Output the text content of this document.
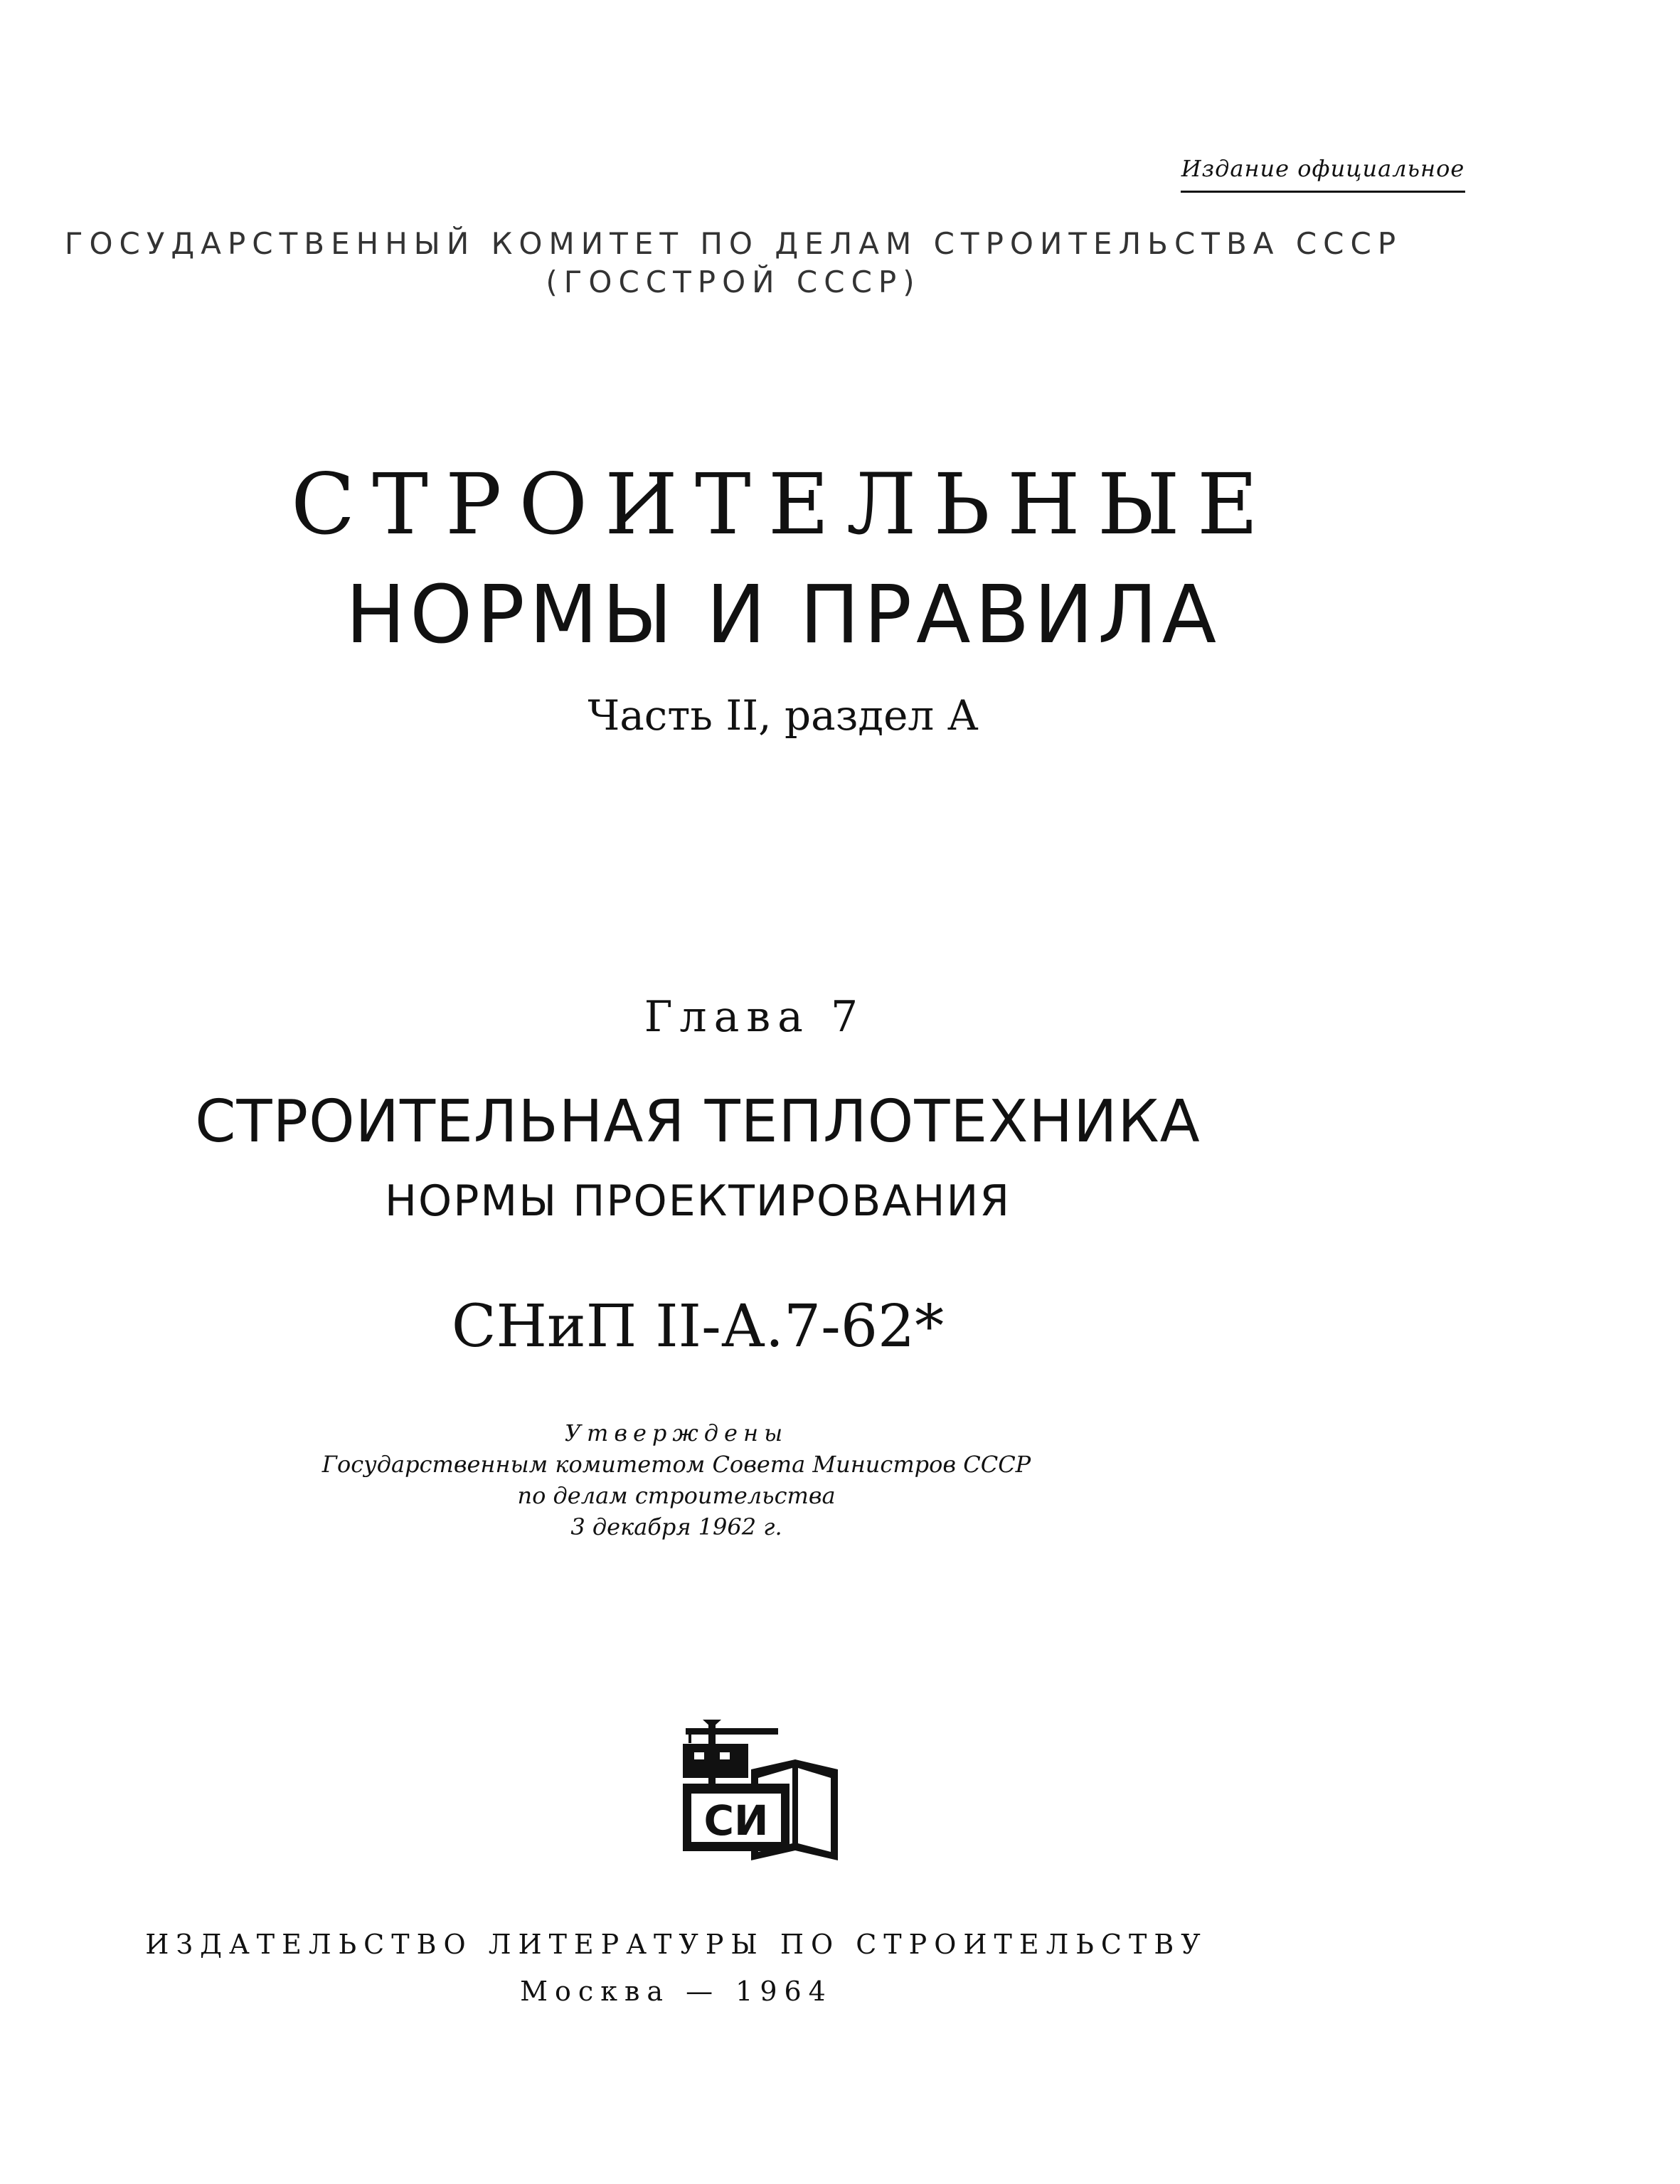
Издание официальное
ГОСУДАРСТВЕННЫЙ КОМИТЕТ ПО ДЕЛАМ СТРОИТЕЛЬСТВА СССР
(ГОССТРОЙ СССР)
СТРОИТЕЛЬНЫЕ
НОРМЫ И ПРАВИЛА
Часть II, раздел А
Глава 7
СТРОИТЕЛЬНАЯ ТЕПЛОТЕХНИКА
НОРМЫ ПРОЕКТИРОВАНИЯ
СНиП II-А.7-62*
Утверждены
Государственным комитетом Совета Министров СССР
по делам строительства
3 декабря 1962 г.
СИ
ИЗДАТЕЛЬСТВО ЛИТЕРАТУРЫ ПО СТРОИТЕЛЬСТВУ
Москва — 1964
